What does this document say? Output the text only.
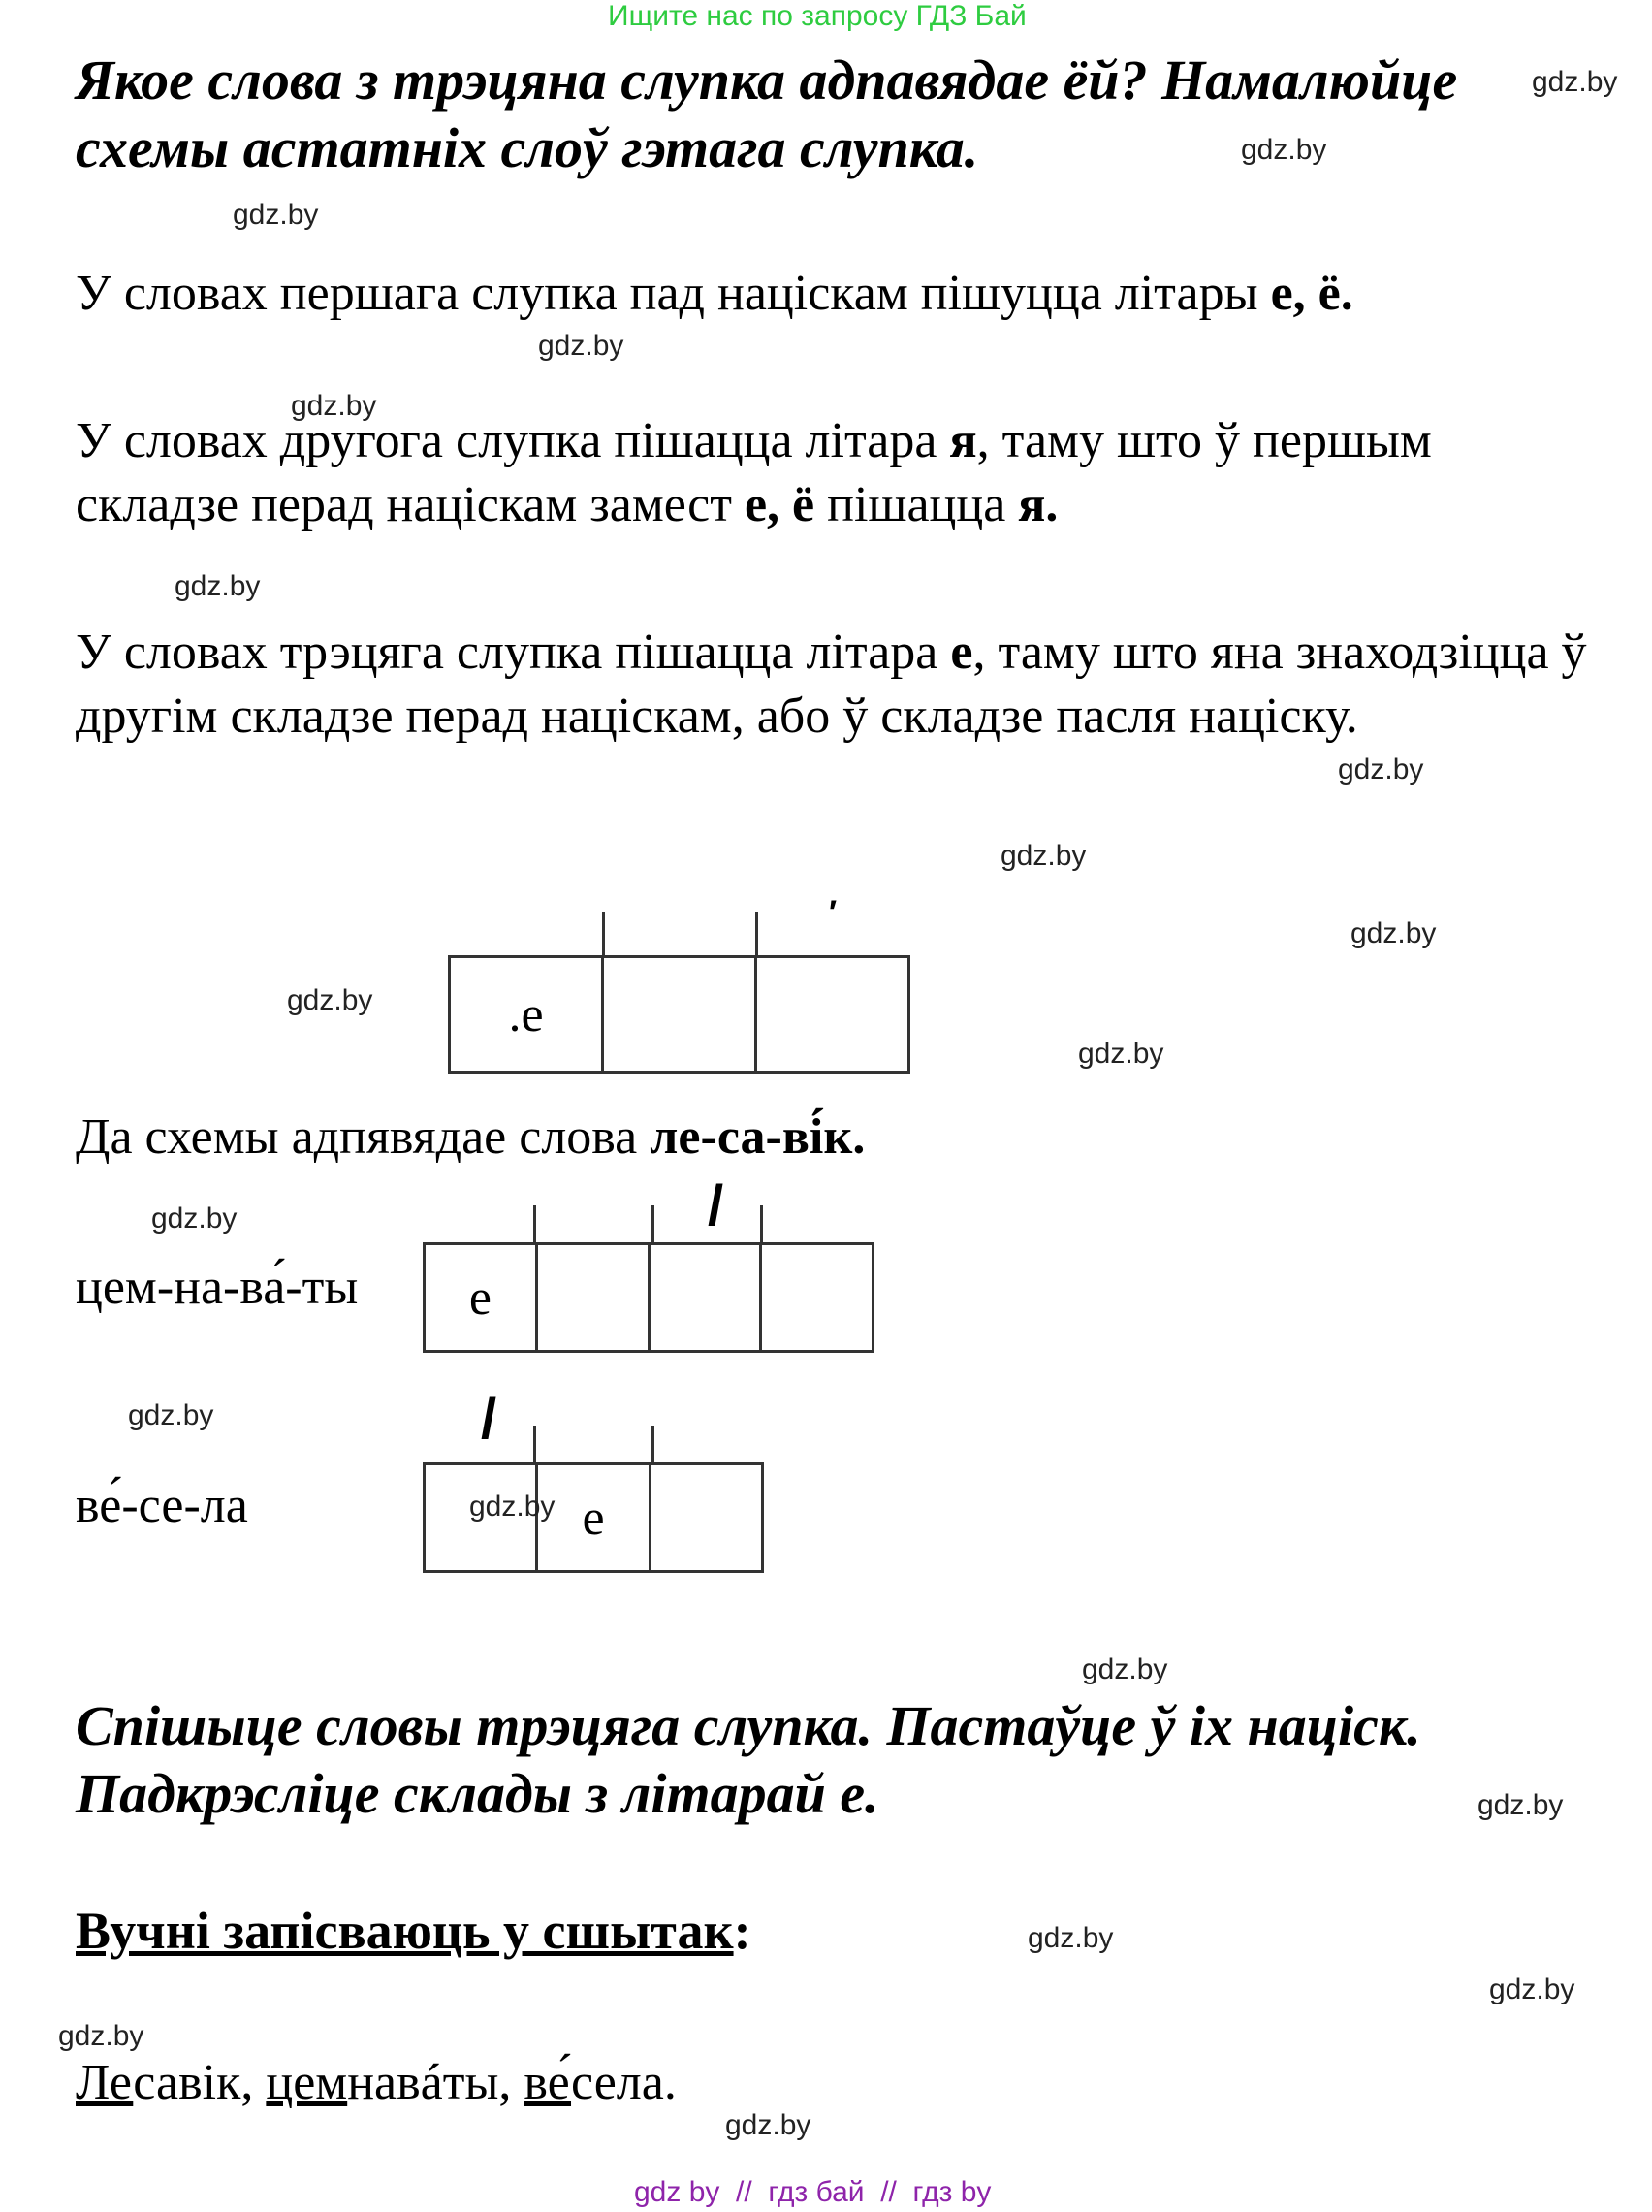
Ищите нас по запросу ГДЗ Бай
Якое слова з трэцяна слупка адпавядае ёй? Намалюйце
схемы астатніх слоў гэтага слупка.
У словах першага слупка пад націскам пішуцца літары е, ё.
У словах другога слупка пішацца літара я, таму што ў першым складзе перад націскам замест е, ё пішацца я.
У словах трэцяга слупка пішацца літара е, таму што яна знаходзіцца ў другім складзе перад націскам, або ў складзе пасля націску.
′
.е
Да схемы адпявядае слова ле-са-ві́к.
цем-на-ва́-ты
/
е
ве́-се-ла
/
е
Спішыце словы трэцяга слупка. Пастаўце ў іх націск.
Падкрэсліце склады з літарай е.
Вучні запісваюць у сшытак:
Лесавік, цемнавáты, ве́села.
gdz.by
gdz.by
gdz.by
gdz.by
gdz.by
gdz.by
gdz.by
gdz.by
gdz.by
gdz.by
gdz.by
gdz.by
gdz.by
gdz.by
gdz.by
gdz.by
gdz.by
gdz.by
gdz.by
gdz.by
gdz by  //  гдз бай  //  гдз by
